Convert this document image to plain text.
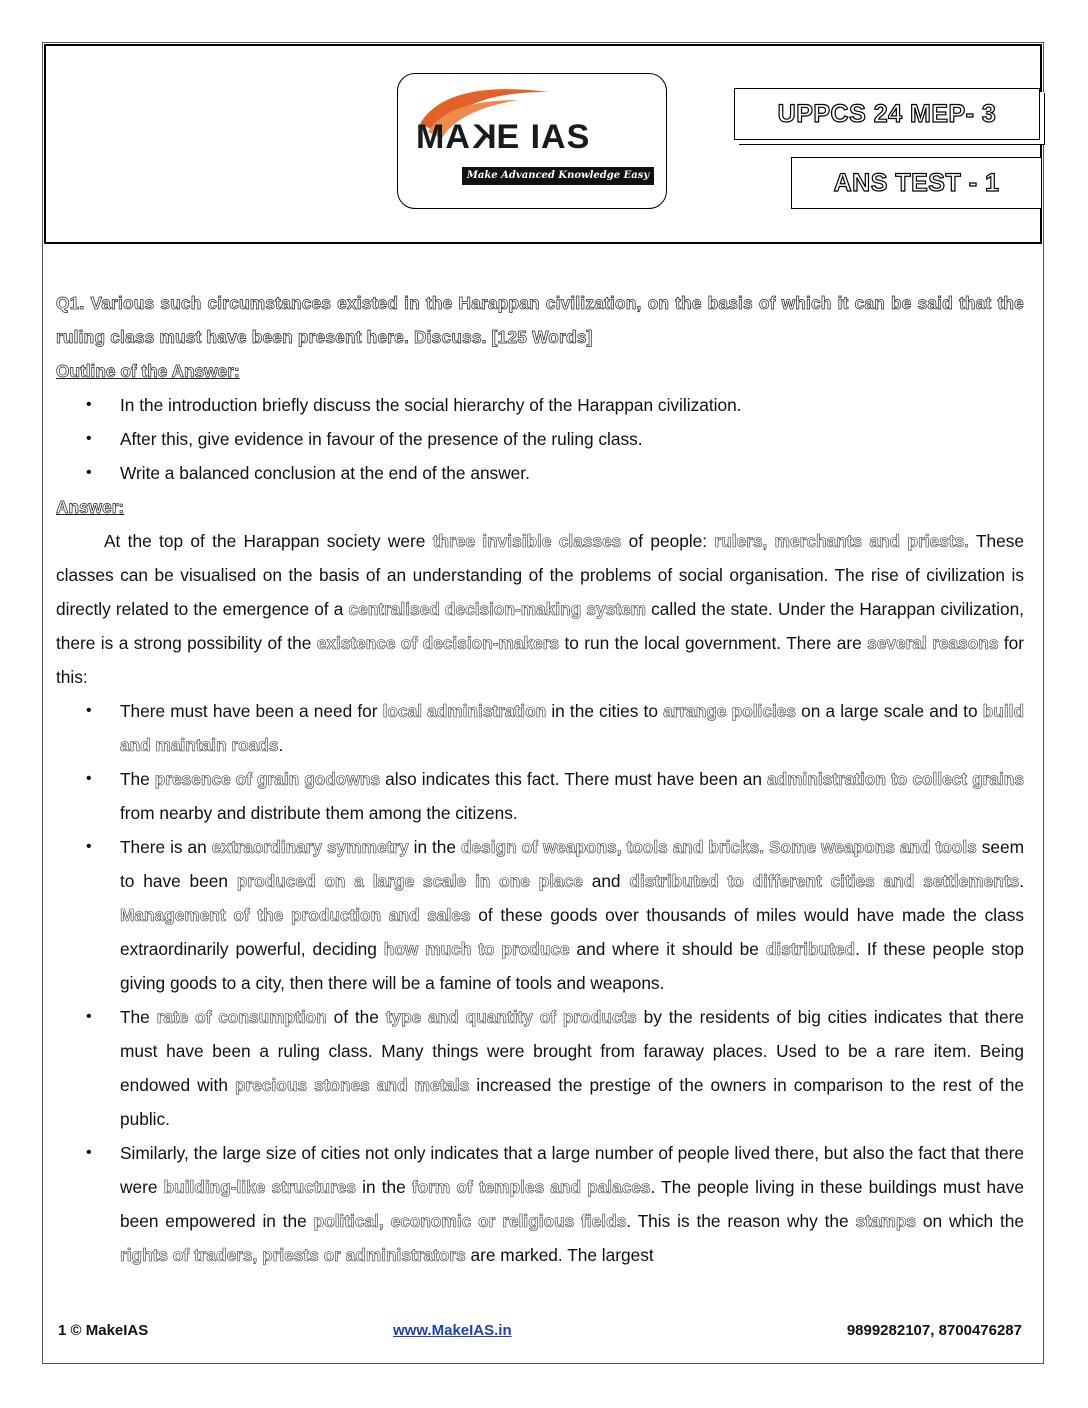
MAKE IAS
Make Advanced Knowledge Easy
UPPCS 24 MEP- 3
ANS TEST - 1
Q1. Various such circumstances existed in the Harappan civilization, on the basis of which it can be said that the ruling class must have been present here. Discuss. [125 Words]
Outline of the Answer:
• In the introduction briefly discuss the social hierarchy of the Harappan civilization.
• After this, give evidence in favour of the presence of the ruling class.
• Write a balanced conclusion at the end of the answer.
Answer:
At the top of the Harappan society were three invisible classes of people: rulers, merchants and priests. These classes can be visualised on the basis of an understanding of the problems of social organisation. The rise of civilization is directly related to the emergence of a centralised decision-making system called the state. Under the Harappan civilization, there is a strong possibility of the existence of decision-makers to run the local government. There are several reasons for this:
• There must have been a need for local administration in the cities to arrange policies on a large scale and to build and maintain roads.
• The presence of grain godowns also indicates this fact. There must have been an administration to collect grains from nearby and distribute them among the citizens.
• There is an extraordinary symmetry in the design of weapons, tools and bricks. Some weapons and tools seem to have been produced on a large scale in one place and distributed to different cities and settlements. Management of the production and sales of these goods over thousands of miles would have made the class extraordinarily powerful, deciding how much to produce and where it should be distributed. If these people stop giving goods to a city, then there will be a famine of tools and weapons.
• The rate of consumption of the type and quantity of products by the residents of big cities indicates that there must have been a ruling class. Many things were brought from faraway places. Used to be a rare item. Being endowed with precious stones and metals increased the prestige of the owners in comparison to the rest of the public.
• Similarly, the large size of cities not only indicates that a large number of people lived there, but also the fact that there were building-like structures in the form of temples and palaces. The people living in these buildings must have been empowered in the political, economic or religious fields. This is the reason why the stamps on which the rights of traders, priests or administrators are marked. The largest
1 © MakeIAS	www.MakeIAS.in	9899282107, 8700476287
